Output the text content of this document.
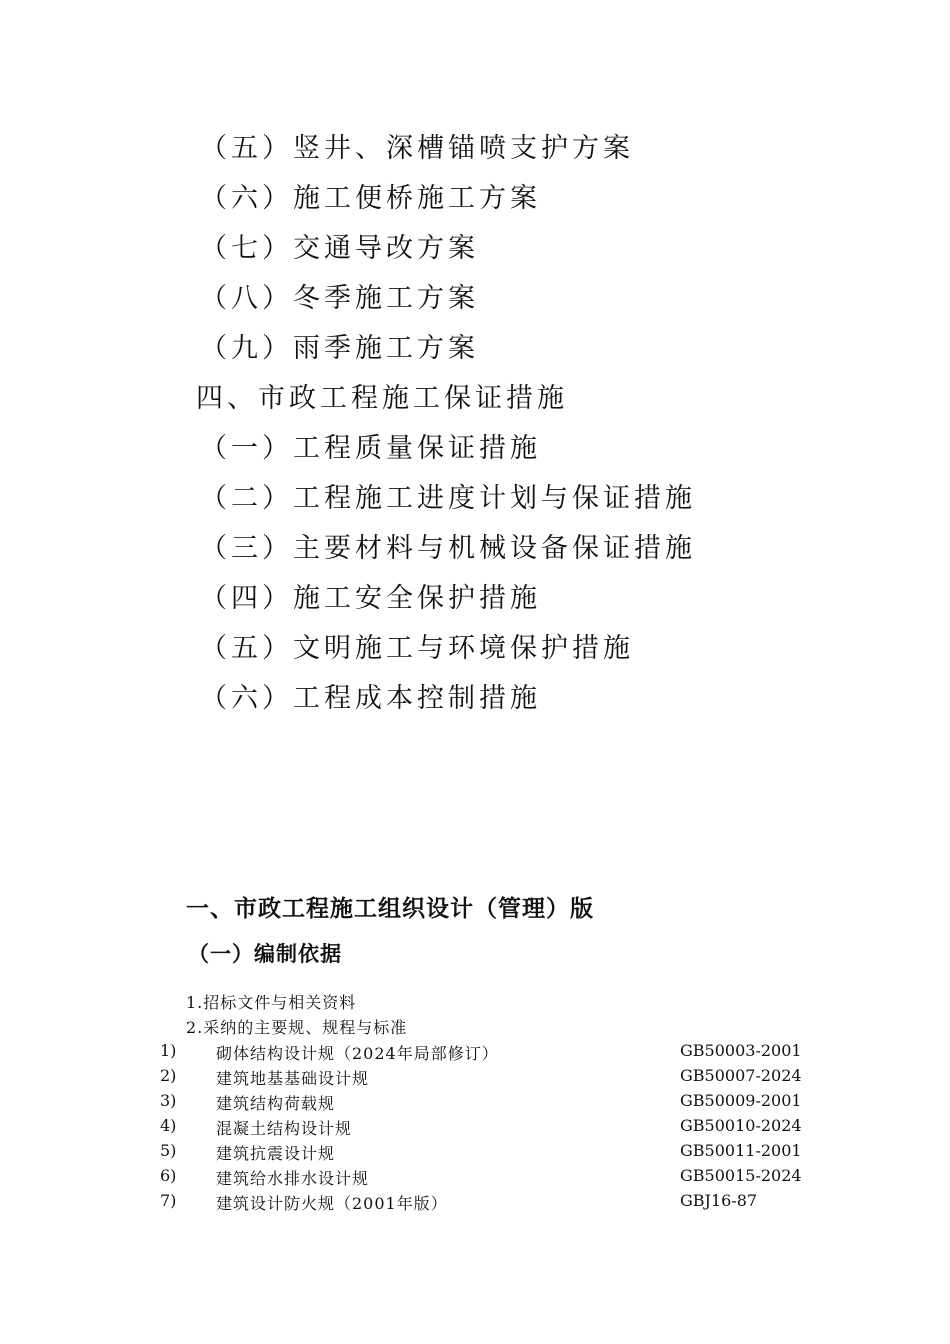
（五）竖井、深槽锚喷支护方案
（六）施工便桥施工方案
（七）交通导改方案
（八）冬季施工方案
（九）雨季施工方案
四、市政工程施工保证措施
（一）工程质量保证措施
（二）工程施工进度计划与保证措施
（三）主要材料与机械设备保证措施
（四）施工安全保护措施
（五）文明施工与环境保护措施
（六）工程成本控制措施
一、市政工程施工组织设计（管理）版
（一）编制依据
1.招标文件与相关资料
2.采纳的主要规、规程与标准
1) 砌体结构设计规（2024年局部修订）	GB50003-2001
2) 建筑地基基础设计规	GB50007-2024
3) 建筑结构荷载规	GB50009-2001
4) 混凝土结构设计规	GB50010-2024
5) 建筑抗震设计规	GB50011-2001
6) 建筑给水排水设计规	GB50015-2024
7) 建筑设计防火规（2001年版）	GBJ16-87
